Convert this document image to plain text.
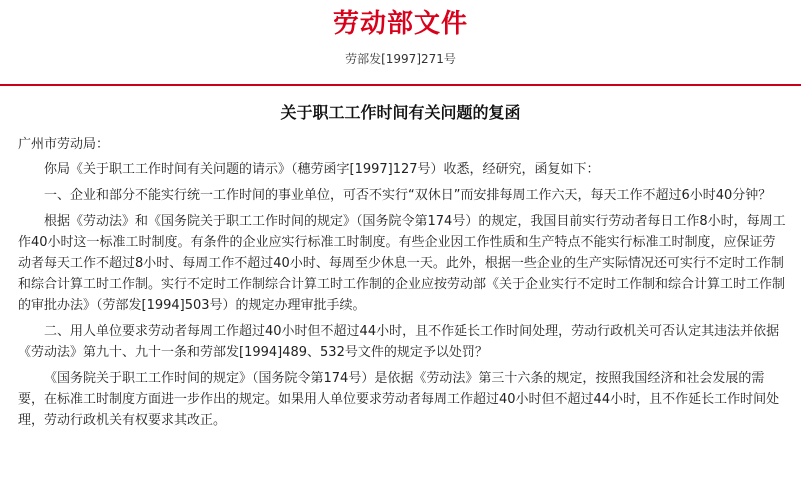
劳动部文件
劳部发[1997]271号
关于职工工作时间有关问题的复函

广州市劳动局：

你局《关于职工工作时间有关问题的请示》（穗劳函字[1997]127号）收悉，经研究，函复如下：

一、企业和部分不能实行统一工作时间的事业单位，可否不实行“双休日”而安排每周工作六天，每天工作不超过6小时40分钟？

根据《劳动法》和《国务院关于职工工作时间的规定》（国务院令第174号）的规定，我国目前实行劳动者每日工作8小时，每周工作40小时这一标准工时制度。有条件的企业应实行标准工时制度。有些企业因工作性质和生产特点不能实行标准工时制度，应保证劳动者每天工作不超过8小时、每周工作不超过40小时、每周至少休息一天。此外，根据一些企业的生产实际情况还可实行不定时工作制和综合计算工时工作制。实行不定时工作制综合计算工时工作制的企业应按劳动部《关于企业实行不定时工作制和综合计算工时工作制的审批办法》（劳部发[1994]503号）的规定办理审批手续。

二、用人单位要求劳动者每周工作超过40小时但不超过44小时，且不作延长工作时间处理，劳动行政机关可否认定其违法并依据《劳动法》第九十、九十一条和劳部发[1994]489、532号文件的规定予以处罚？

《国务院关于职工工作时间的规定》（国务院令第174号）是依据《劳动法》第三十六条的规定，按照我国经济和社会发展的需要，在标准工时制度方面进一步作出的规定。如果用人单位要求劳动者每周工作超过40小时但不超过44小时，且不作延长工作时间处理，劳动行政机关有权要求其改正。
